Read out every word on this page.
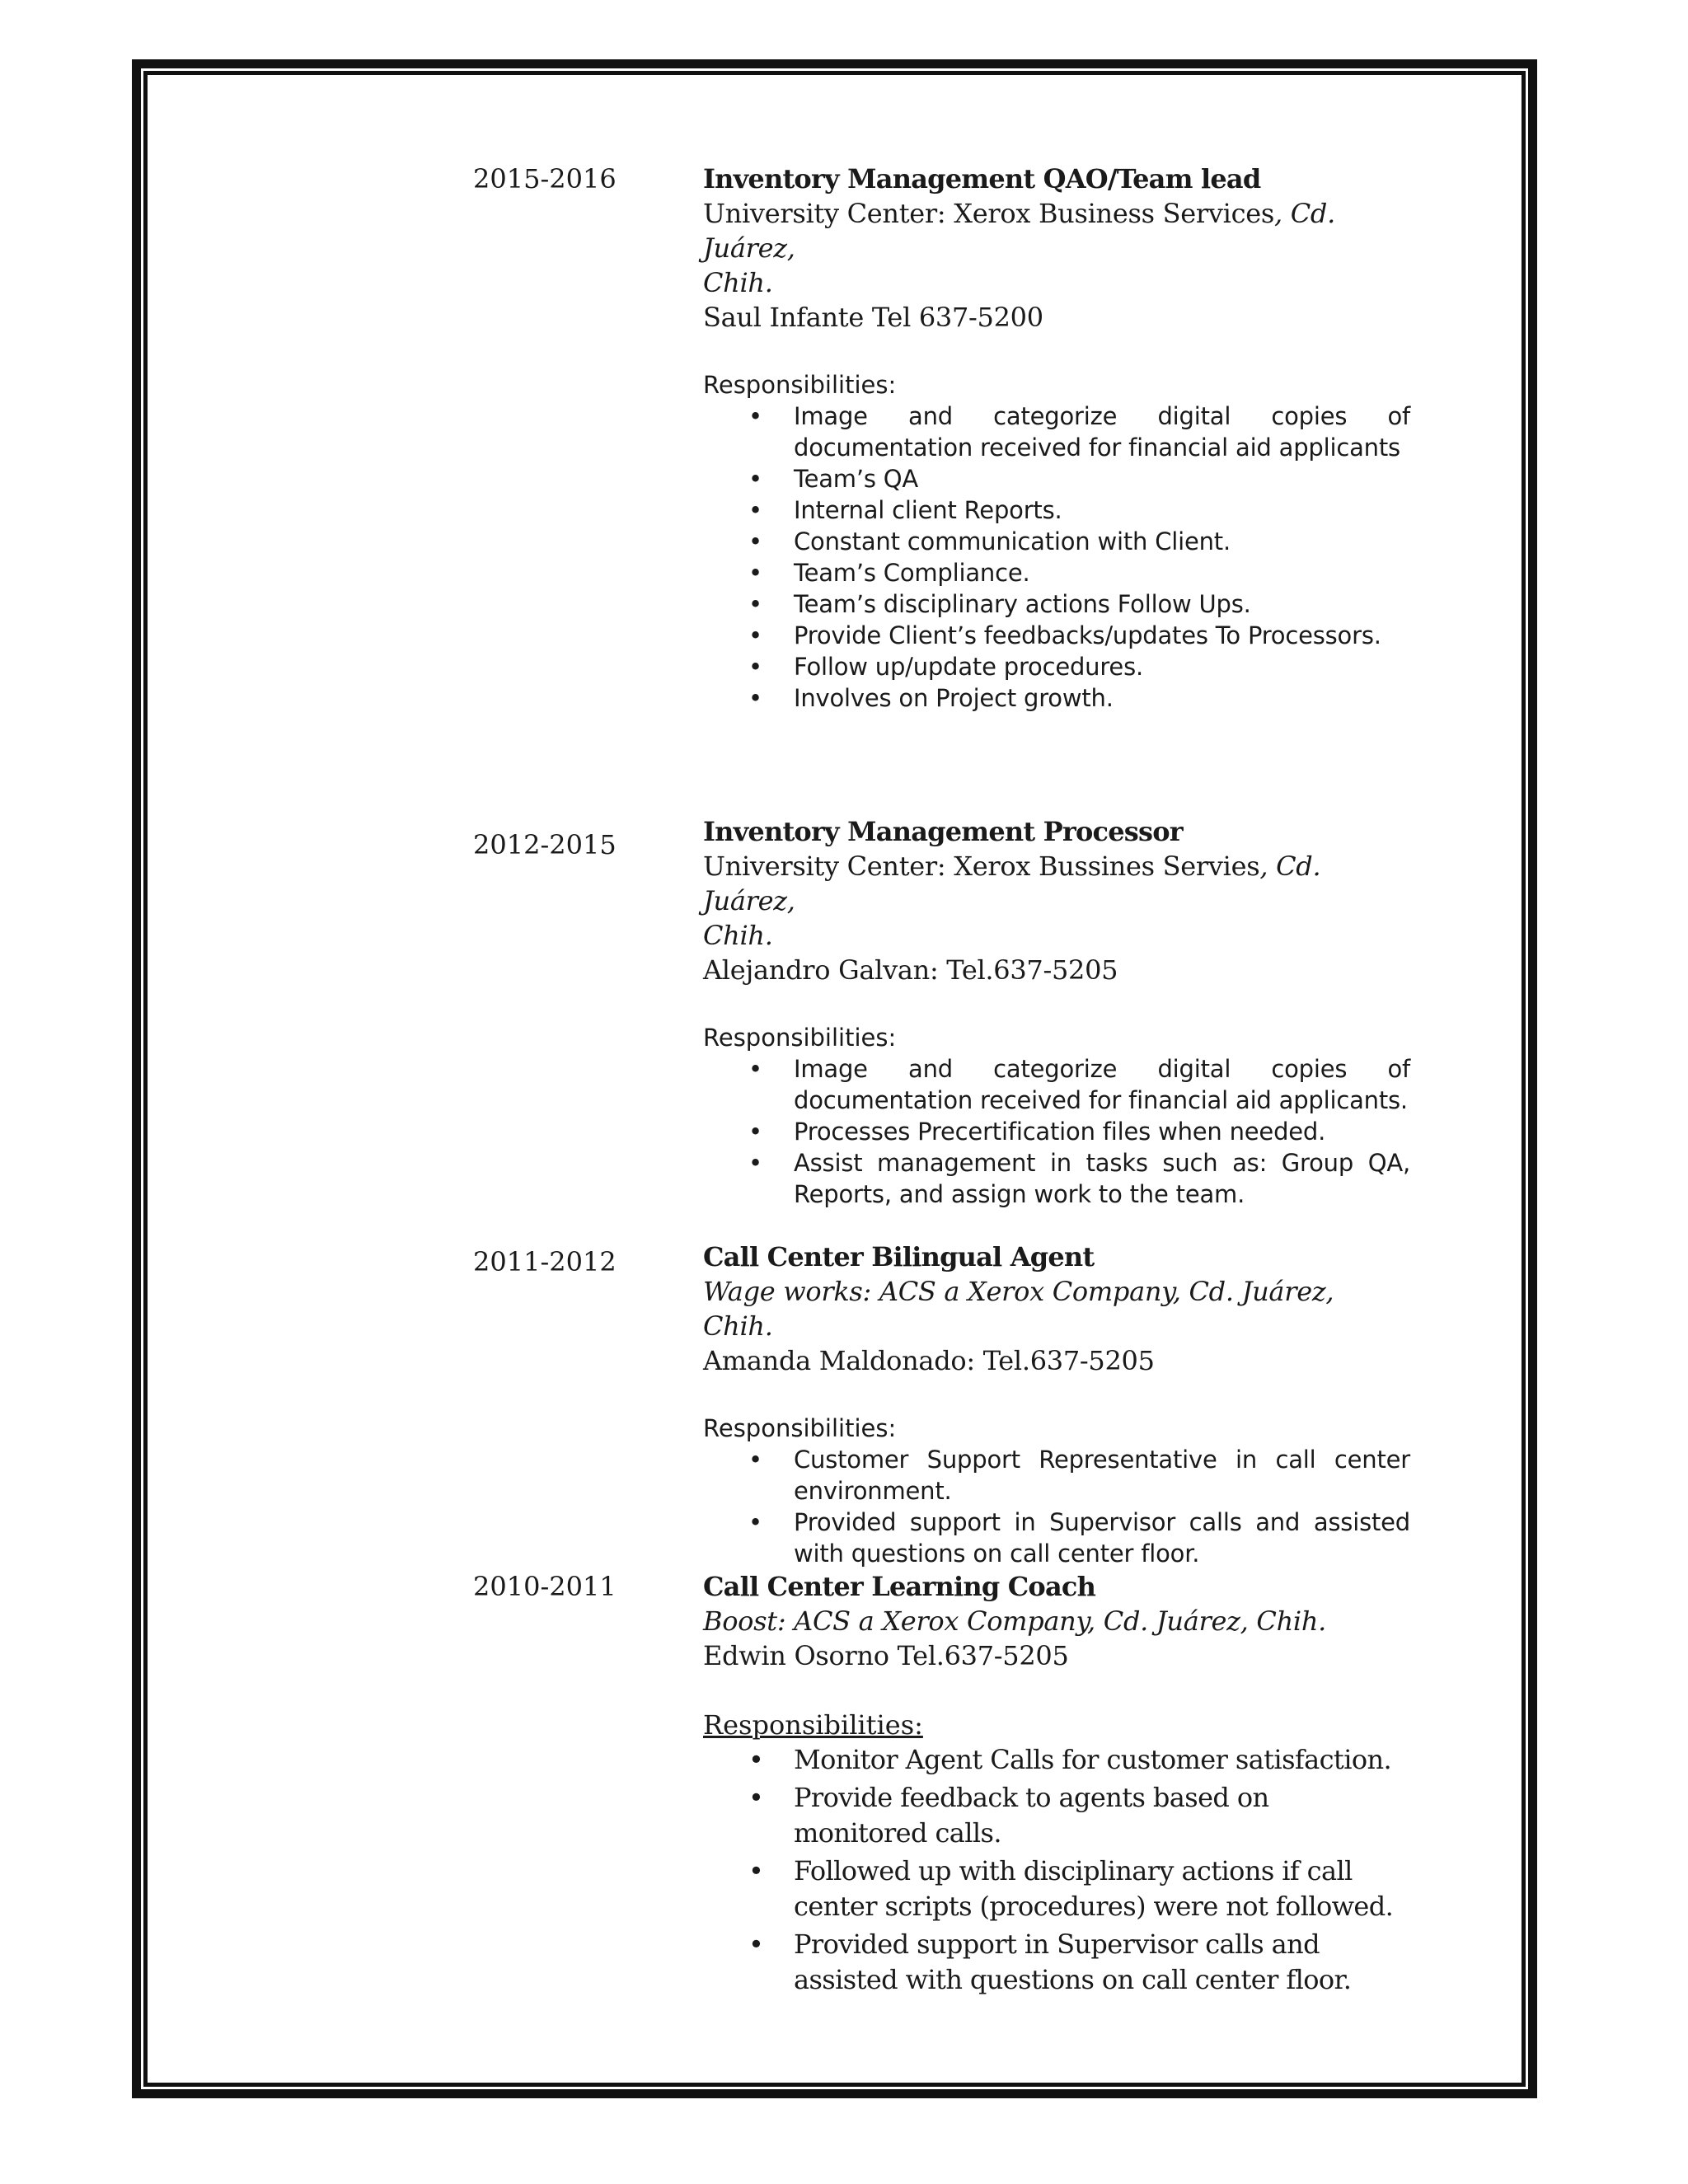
2015-2016	Inventory Management QAO/Team lead
University Center: Xerox Business Services, Cd. Juárez,
Chih.
Saul Infante Tel 637-5200
Responsibilities:
•	Image and categorize digital copies of documentation received for financial aid applicants
•	Team’s QA
•	Internal client Reports.
•	Constant communication with Client.
•	Team’s Compliance.
•	Team’s disciplinary actions Follow Ups.
•	Provide Client’s feedbacks/updates To Processors.
•	Follow up/update procedures.
•	Involves on Project growth.
2012-2015	Inventory Management Processor
University Center: Xerox Bussines Servies, Cd. Juárez,
Chih.
Alejandro Galvan: Tel.637-5205
Responsibilities:
•	Image and categorize digital copies of documentation received for financial aid applicants.
•	Processes Precertification files when needed.
•	Assist management in tasks such as: Group QA, Reports, and assign work to the team.
2011-2012	Call Center Bilingual Agent
Wage works: ACS a Xerox Company, Cd. Juárez, Chih.
Amanda Maldonado: Tel.637-5205
Responsibilities:
•	Customer Support Representative in call center environment.
•	Provided support in Supervisor calls and assisted with questions on call center floor.
2010-2011	Call Center Learning Coach
Boost: ACS a Xerox Company, Cd. Juárez, Chih.
Edwin Osorno Tel.637-5205
Responsibilities:
•	Monitor Agent Calls for customer satisfaction.
•	Provide feedback to agents based on monitored calls.
•	Followed up with disciplinary actions if call center scripts (procedures) were not followed.
•	Provided support in Supervisor calls and assisted with questions on call center floor.
